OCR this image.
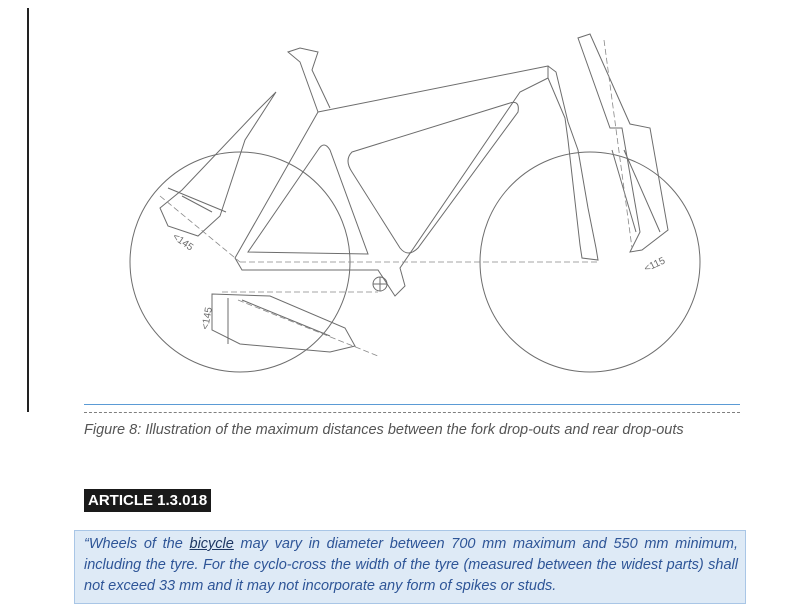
<145
<145
<115
Figure 8: Illustration of the maximum distances between the fork drop-outs and rear drop-outs
ARTICLE 1.3.018

“Wheels of the bicycle may vary in diameter between 700 mm maximum and 550 mm minimum, including the tyre. For the cyclo-cross the width of the tyre (measured between the widest parts) shall not exceed 33 mm and it may not incorporate any form of spikes or studs.
